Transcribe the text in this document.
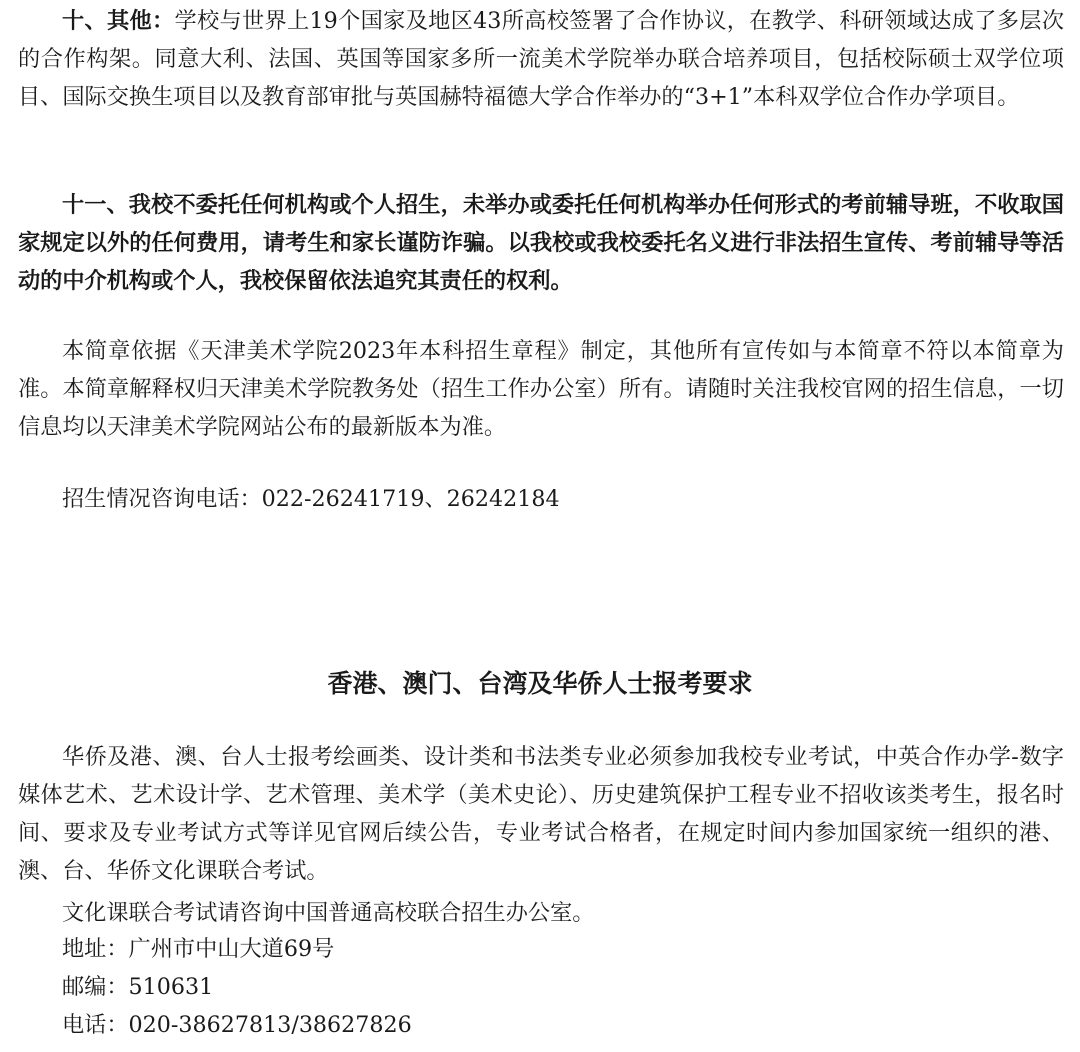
十、其他：学校与世界上19个国家及地区43所高校签署了合作协议，在教学、科研领域达成了多层次的合作构架。同意大利、法国、英国等国家多所一流美术学院举办联合培养项目，包括校际硕士双学位项目、国际交换生项目以及教育部审批与英国赫特福德大学合作举办的“3+1”本科双学位合作办学项目。

十一、我校不委托任何机构或个人招生，未举办或委托任何机构举办任何形式的考前辅导班，不收取国家规定以外的任何费用，请考生和家长谨防诈骗。以我校或我校委托名义进行非法招生宣传、考前辅导等活动的中介机构或个人，我校保留依法追究其责任的权利。

本简章依据《天津美术学院2023年本科招生章程》制定，其他所有宣传如与本简章不符以本简章为准。本简章解释权归天津美术学院教务处（招生工作办公室）所有。请随时关注我校官网的招生信息，一切信息均以天津美术学院网站公布的最新版本为准。

招生情况咨询电话：022-26241719、26242184

香港、澳门、台湾及华侨人士报考要求

华侨及港、澳、台人士报考绘画类、设计类和书法类专业必须参加我校专业考试，中英合作办学-数字媒体艺术、艺术设计学、艺术管理、美术学（美术史论）、历史建筑保护工程专业不招收该类考生，报名时间、要求及专业考试方式等详见官网后续公告，专业考试合格者，在规定时间内参加国家统一组织的港、澳、台、华侨文化课联合考试。

文化课联合考试请咨询中国普通高校联合招生办公室。

地址：广州市中山大道69号

邮编：510631

电话：020-38627813/38627826
